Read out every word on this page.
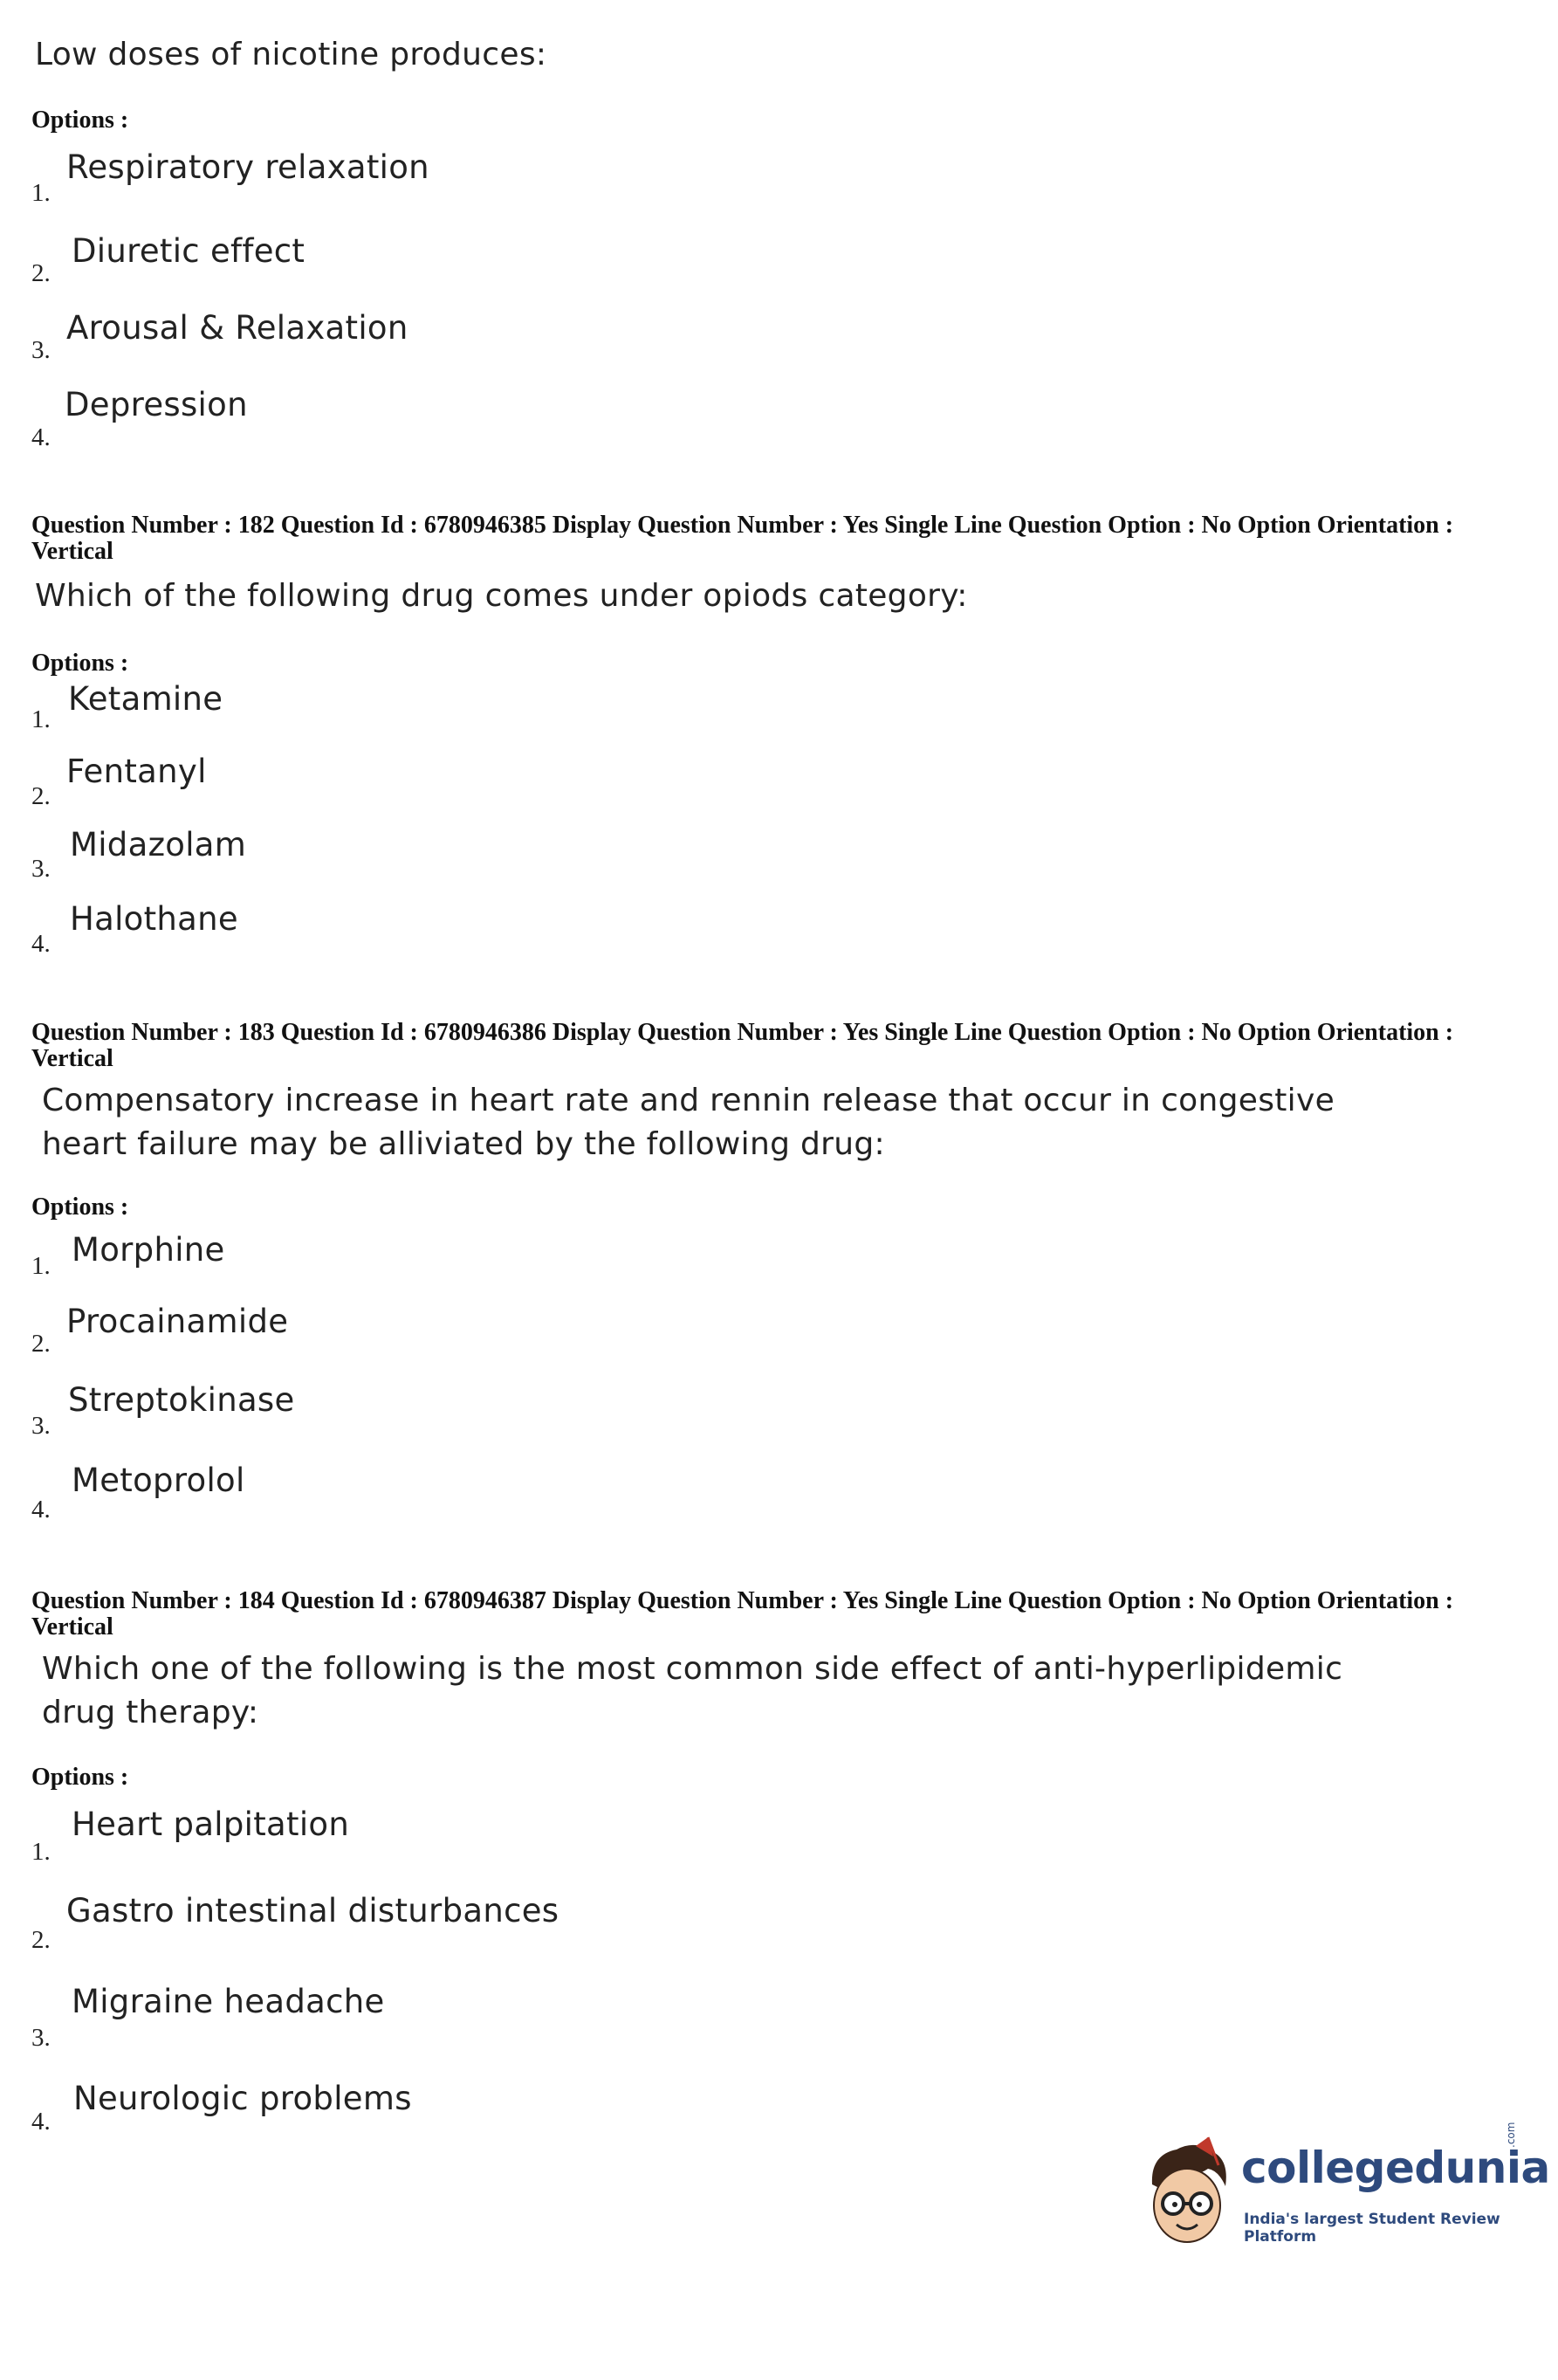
Low doses of nicotine produces:
Options :
1.
Respiratory relaxation
2.
Diuretic effect
3.
Arousal & Relaxation
4.
Depression
Question Number : 182 Question Id : 6780946385 Display Question Number : Yes Single Line Question Option : No Option Orientation : Vertical
Which of the following drug comes under opiods category:
Options :
1.
Ketamine
2.
Fentanyl
3.
Midazolam
4.
Halothane
Question Number : 183 Question Id : 6780946386 Display Question Number : Yes Single Line Question Option : No Option Orientation : Vertical
Compensatory increase in heart rate and rennin release that occur in congestive
heart failure may be alliviated by the following drug:
Options :
1. Morphine
2.
Procainamide
3.
Streptokinase
4.
Metoprolol
Question Number : 184 Question Id : 6780946387 Display Question Number : Yes Single Line Question Option : No Option Orientation : Vertical
Which one of the following is the most common side effect of anti-hyperlipidemic
drug therapy:
Options :
1.
Heart palpitation
2.
Gastro intestinal disturbances
3.
Migraine headache
4.
Neurologic problems
collegedunia
.com
India's largest Student Review Platform
